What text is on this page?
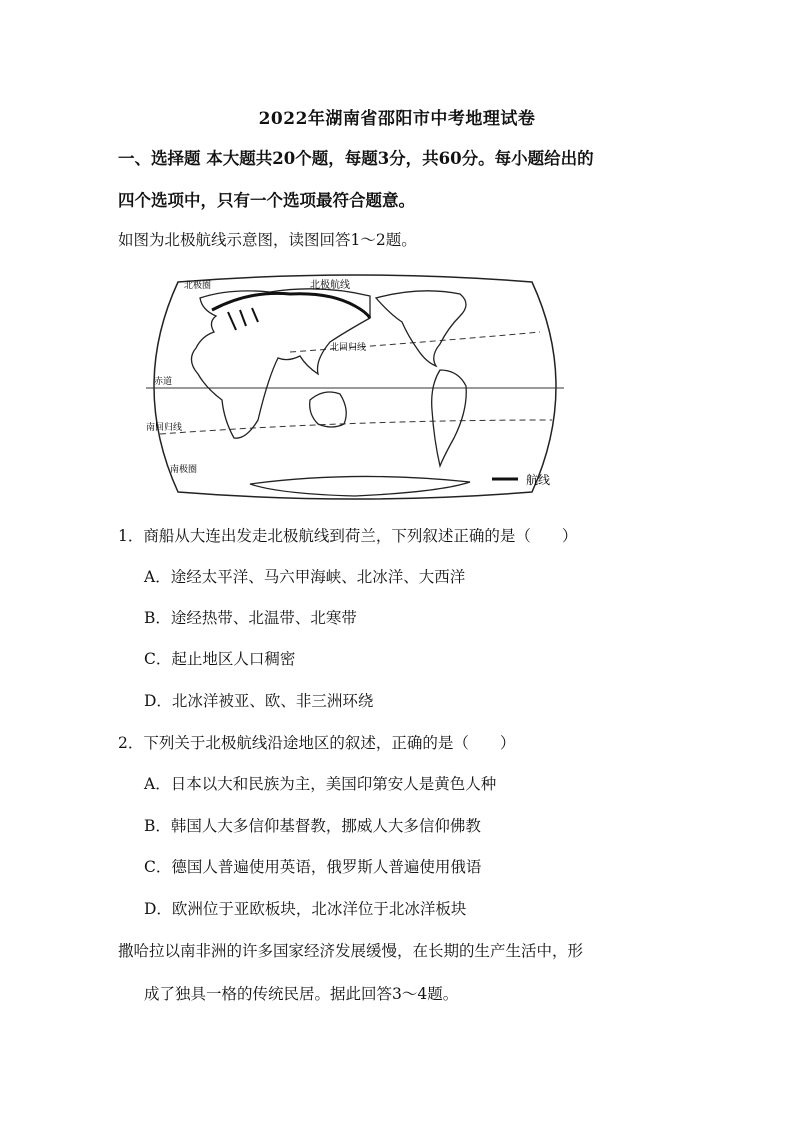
2022年湖南省邵阳市中考地理试卷
一、选择题 本大题共20个题，每题3分，共60分。每小题给出的
四个选项中，只有一个选项最符合题意。
如图为北极航线示意图，读图回答1～2题。
北极航线
北回归线
北极圈
赤道
南回归线
南极圈
航线
1．商船从大连出发走北极航线到荷兰，下列叙述正确的是（　　）
A．途经太平洋、马六甲海峡、北冰洋、大西洋
B．途经热带、北温带、北寒带
C．起止地区人口稠密
D．北冰洋被亚、欧、非三洲环绕
2．下列关于北极航线沿途地区的叙述，正确的是（　　）
A．日本以大和民族为主，美国印第安人是黄色人种
B．韩国人大多信仰基督教，挪威人大多信仰佛教
C．德国人普遍使用英语，俄罗斯人普遍使用俄语
D．欧洲位于亚欧板块，北冰洋位于北冰洋板块
撒哈拉以南非洲的许多国家经济发展缓慢，在长期的生产生活中，形
成了独具一格的传统民居。据此回答3～4题。
